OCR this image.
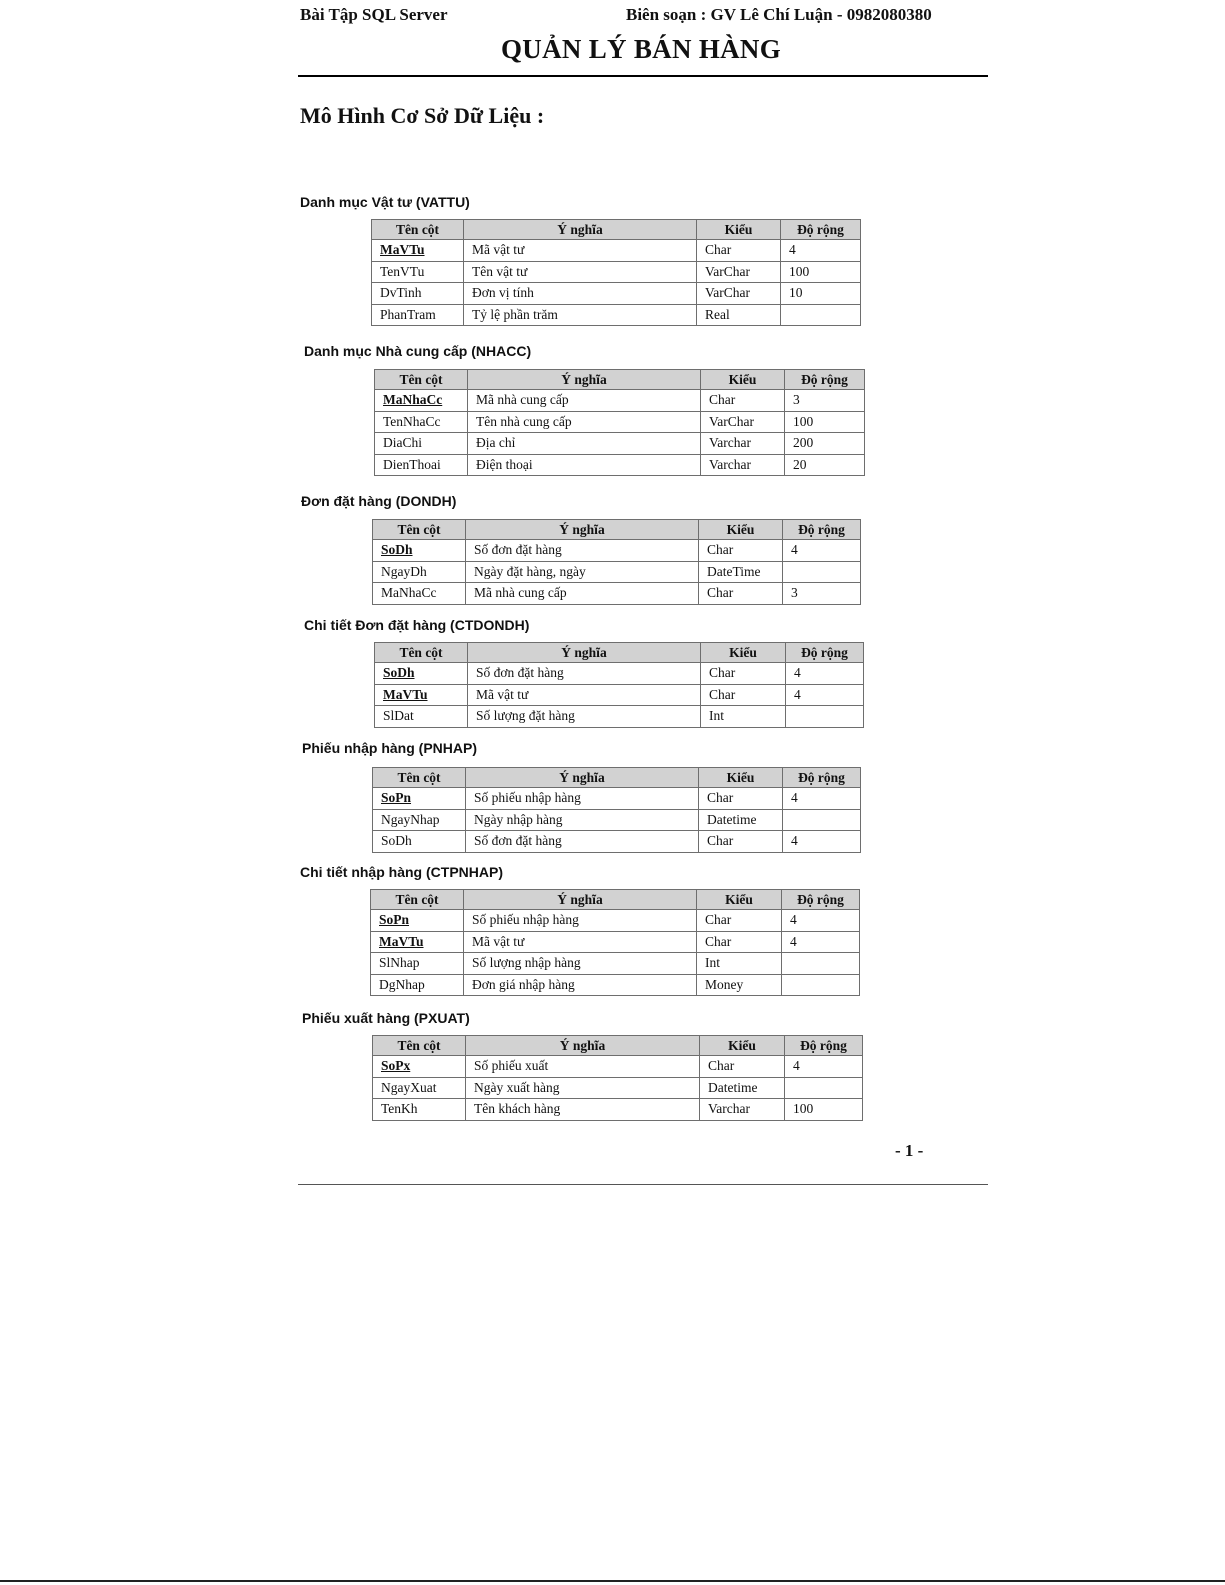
Bài Tập SQL Server	Biên soạn : GV Lê Chí Luận - 0982080380
QUẢN LÝ BÁN HÀNG
Mô Hình Cơ Sở Dữ Liệu :
Danh mục Vật tư (VATTU)
Tên cột	Ý nghĩa	Kiểu	Độ rộng
MaVTu	Mã vật tư	Char	4
TenVTu	Tên vật tư	VarChar	100
DvTinh	Đơn vị tính	VarChar	10
PhanTram	Tỷ lệ phần trăm	Real	
Danh mục Nhà cung cấp (NHACC)
Tên cột	Ý nghĩa	Kiểu	Độ rộng
MaNhaCc	Mã nhà cung cấp	Char	3
TenNhaCc	Tên nhà cung cấp	VarChar	100
DiaChi	Địa chỉ	Varchar	200
DienThoai	Điện thoại	Varchar	20
Đơn đặt hàng (DONDH)
Tên cột	Ý nghĩa	Kiểu	Độ rộng
SoDh	Số đơn đặt hàng	Char	4
NgayDh	Ngày đặt hàng, ngày	DateTime	
MaNhaCc	Mã nhà cung cấp	Char	3
Chi tiết Đơn đặt hàng (CTDONDH)
Tên cột	Ý nghĩa	Kiểu	Độ rộng
SoDh	Số đơn đặt hàng	Char	4
MaVTu	Mã vật tư	Char	4
SlDat	Số lượng đặt hàng	Int	
Phiếu nhập hàng (PNHAP)
Tên cột	Ý nghĩa	Kiểu	Độ rộng
SoPn	Số phiếu nhập hàng	Char	4
NgayNhap	Ngày nhập hàng	Datetime	
SoDh	Số đơn đặt hàng	Char	4
Chi tiết nhập hàng (CTPNHAP)
Tên cột	Ý nghĩa	Kiểu	Độ rộng
SoPn	Số phiếu nhập hàng	Char	4
MaVTu	Mã vật tư	Char	4
SlNhap	Số lượng nhập hàng	Int	
DgNhap	Đơn giá nhập hàng	Money	
Phiếu xuất hàng (PXUAT)
Tên cột	Ý nghĩa	Kiểu	Độ rộng
SoPx	Số phiếu xuất	Char	4
NgayXuat	Ngày xuất hàng	Datetime	
TenKh	Tên khách hàng	Varchar	100
- 1 -
